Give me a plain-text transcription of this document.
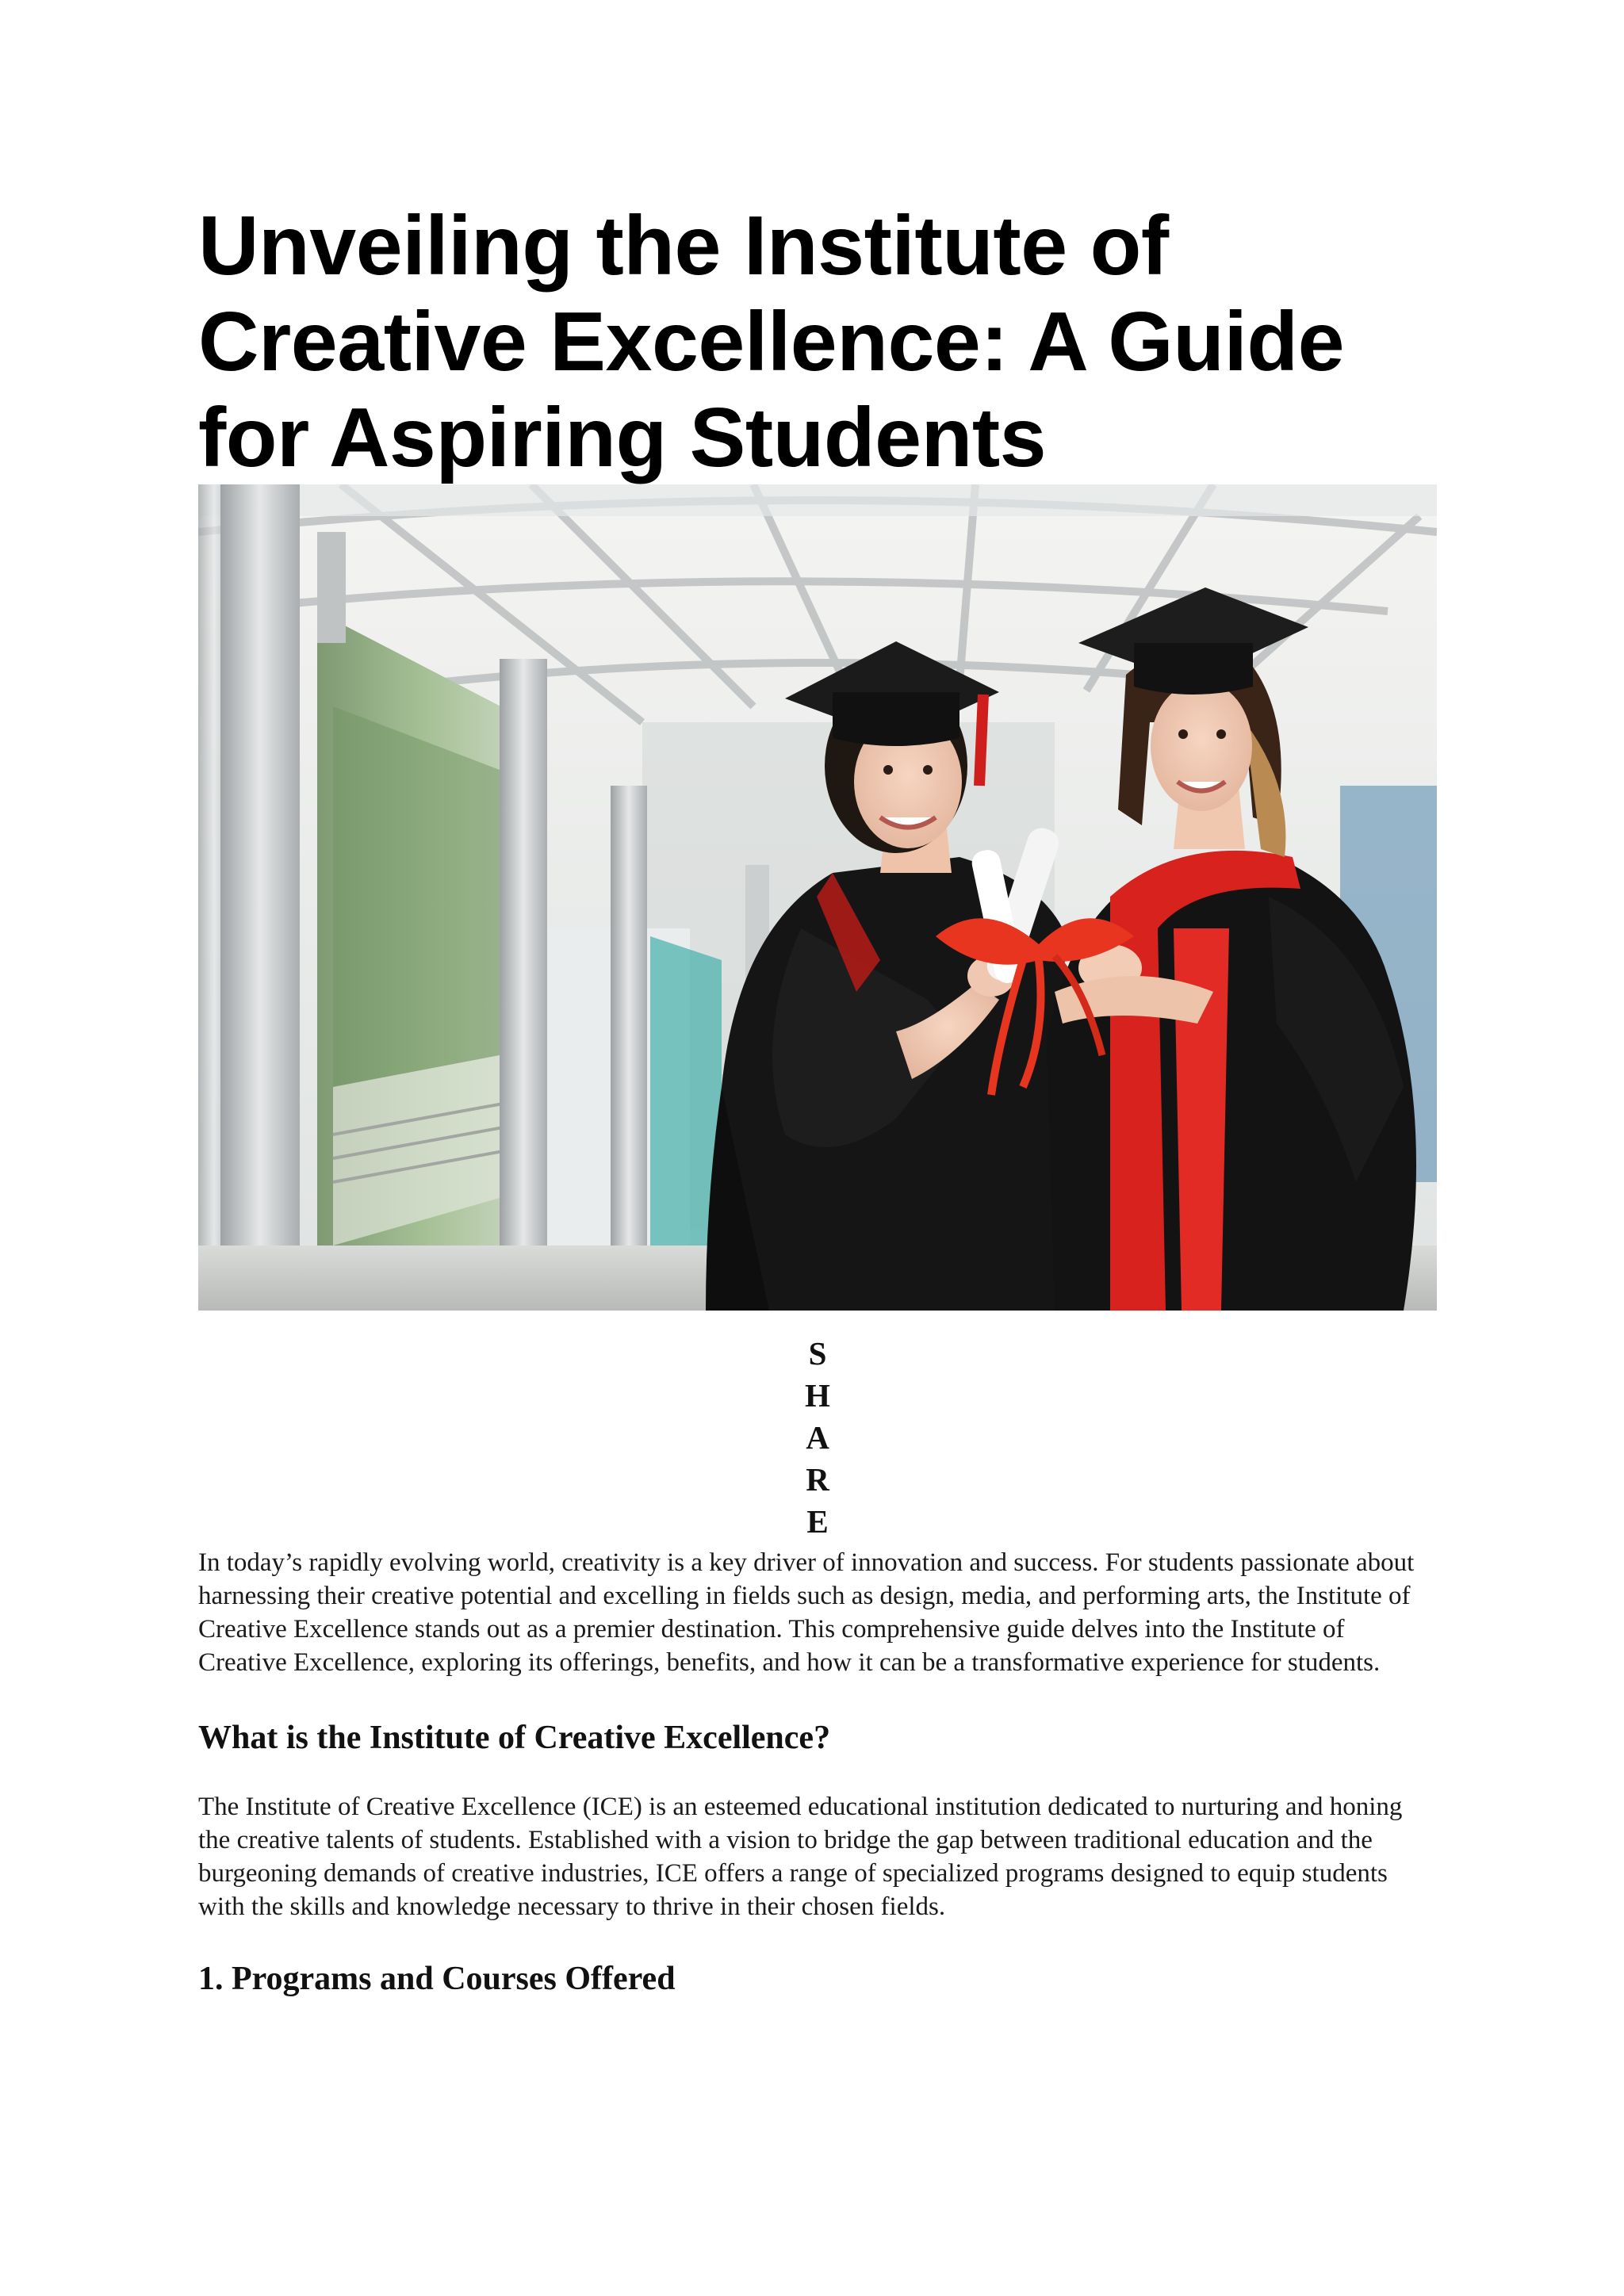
Unveiling the Institute of Creative Excellence: A Guide for Aspiring Students
S
H
A
R
E

In today’s rapidly evolving world, creativity is a key driver of innovation and success. For students passionate about harnessing their creative potential and excelling in fields such as design, media, and performing arts, the Institute of Creative Excellence stands out as a premier destination. This comprehensive guide delves into the Institute of Creative Excellence, exploring its offerings, benefits, and how it can be a transformative experience for students.

What is the Institute of Creative Excellence?

The Institute of Creative Excellence (ICE) is an esteemed educational institution dedicated to nurturing and honing the creative talents of students. Established with a vision to bridge the gap between traditional education and the burgeoning demands of creative industries, ICE offers a range of specialized programs designed to equip students with the skills and knowledge necessary to thrive in their chosen fields.

1. Programs and Courses Offered
